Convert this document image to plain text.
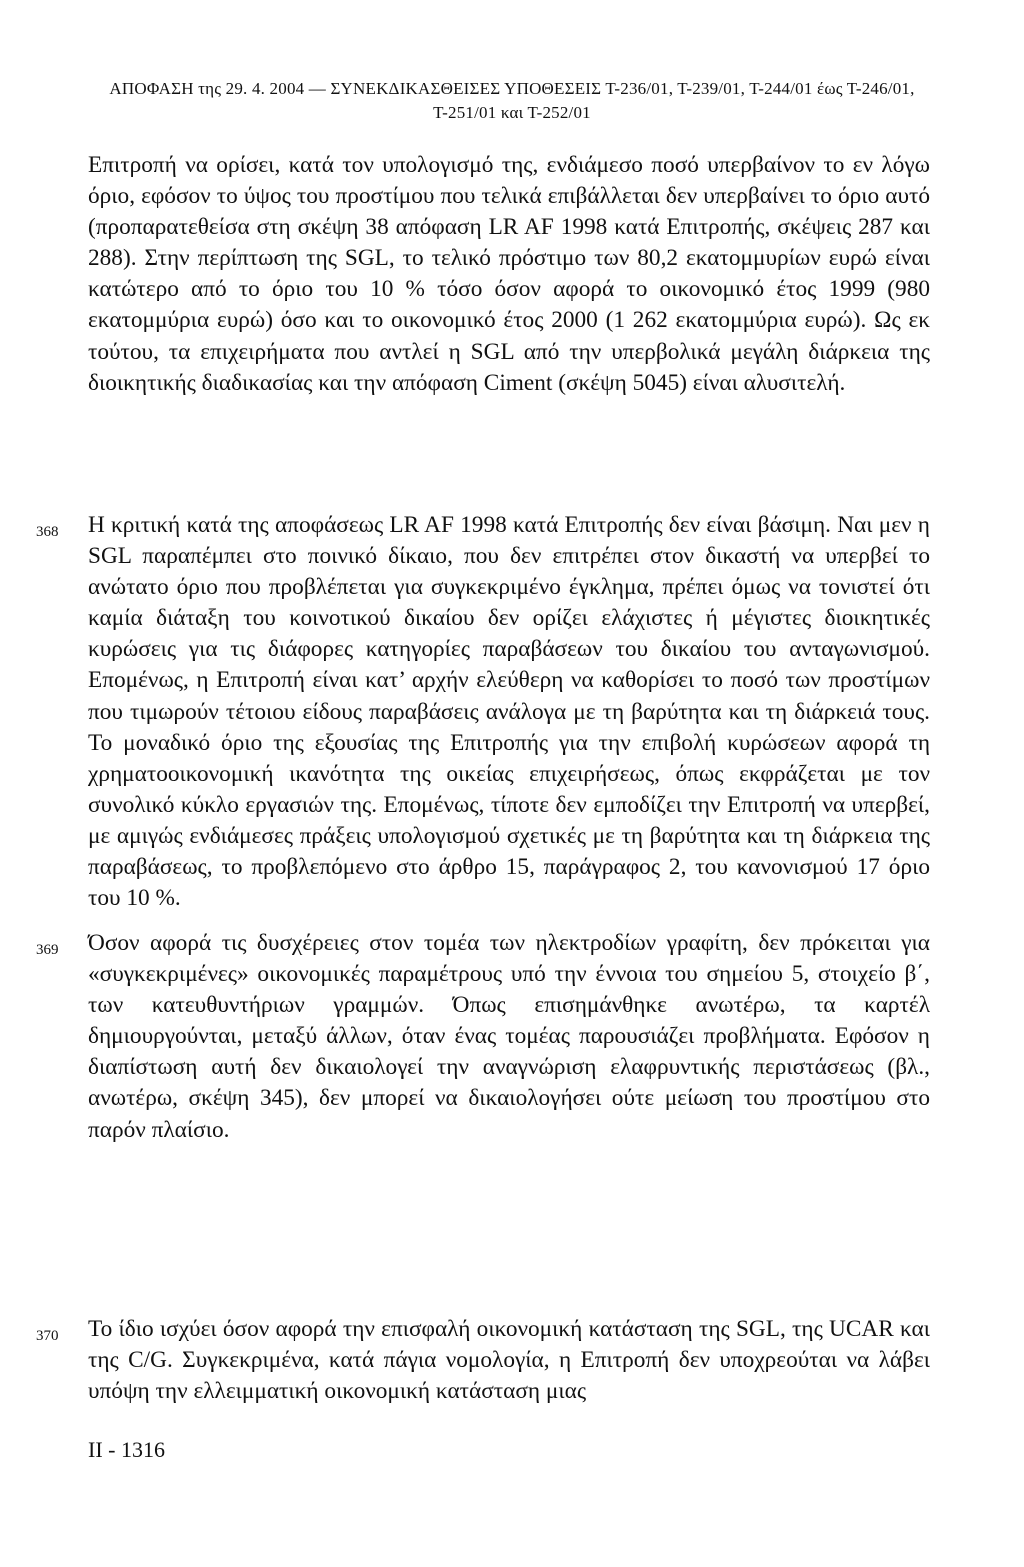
ΑΠΟΦΑΣΗ της 29. 4. 2004 — ΣΥΝΕΚΔΙΚΑΣΘΕΙΣΕΣ ΥΠΟΘΕΣΕΙΣ Τ-236/01, Τ-239/01, Τ-244/01 έως Τ-246/01,
Τ-251/01 και Τ-252/01

Επιτροπή να ορίσει, κατά τον υπολογισμό της, ενδιάμεσο ποσό υπερβαίνον το εν λόγω όριο, εφόσον το ύψος του προστίμου που τελικά επιβάλλεται δεν υπερβαίνει το όριο αυτό (προπαρατεθείσα στη σκέψη 38 απόφαση LR AF 1998 κατά Επιτροπής, σκέψεις 287 και 288). Στην περίπτωση της SGL, το τελικό πρόστιμο των 80,2 εκατομμυρίων ευρώ είναι κατώτερο από το όριο του 10 % τόσο όσον αφορά το οικονομικό έτος 1999 (980 εκατομμύρια ευρώ) όσο και το οικονομικό έτος 2000 (1 262 εκατομμύρια ευρώ). Ως εκ τούτου, τα επιχειρήματα που αντλεί η SGL από την υπερβολικά μεγάλη διάρκεια της διοικητικής διαδικασίας και την απόφαση Ciment (σκέψη 5045) είναι αλυσιτελή.

368 Η κριτική κατά της αποφάσεως LR AF 1998 κατά Επιτροπής δεν είναι βάσιμη. Ναι μεν η SGL παραπέμπει στο ποινικό δίκαιο, που δεν επιτρέπει στον δικαστή να υπερβεί το ανώτατο όριο που προβλέπεται για συγκεκριμένο έγκλημα, πρέπει όμως να τονιστεί ότι καμία διάταξη του κοινοτικού δικαίου δεν ορίζει ελάχιστες ή μέγιστες διοικητικές κυρώσεις για τις διάφορες κατηγορίες παραβάσεων του δικαίου του ανταγωνισμού. Επομένως, η Επιτροπή είναι κατ’ αρχήν ελεύθερη να καθορίσει το ποσό των προστίμων που τιμωρούν τέτοιου είδους παραβάσεις ανάλογα με τη βαρύτητα και τη διάρκειά τους. Το μοναδικό όριο της εξουσίας της Επιτροπής για την επιβολή κυρώσεων αφορά τη χρηματοοικονομική ικανότητα της οικείας επιχειρήσεως, όπως εκφράζεται με τον συνολικό κύκλο εργασιών της. Επομένως, τίποτε δεν εμποδίζει την Επιτροπή να υπερβεί, με αμιγώς ενδιάμεσες πράξεις υπολογισμού σχετικές με τη βαρύτητα και τη διάρκεια της παραβάσεως, το προβλεπόμενο στο άρθρο 15, παράγραφος 2, του κανονισμού 17 όριο του 10 %.

369 Όσον αφορά τις δυσχέρειες στον τομέα των ηλεκτροδίων γραφίτη, δεν πρόκειται για «συγκεκριμένες» οικονομικές παραμέτρους υπό την έννοια του σημείου 5, στοιχείο β΄, των κατευθυντήριων γραμμών. Όπως επισημάνθηκε ανωτέρω, τα καρτέλ δημιουργούνται, μεταξύ άλλων, όταν ένας τομέας παρουσιάζει προβλήματα. Εφόσον η διαπίστωση αυτή δεν δικαιολογεί την αναγνώριση ελαφρυντικής περιστάσεως (βλ., ανωτέρω, σκέψη 345), δεν μπορεί να δικαιολογήσει ούτε μείωση του προστίμου στο παρόν πλαίσιο.

370 Το ίδιο ισχύει όσον αφορά την επισφαλή οικονομική κατάσταση της SGL, της UCAR και της C/G. Συγκεκριμένα, κατά πάγια νομολογία, η Επιτροπή δεν υποχρεούται να λάβει υπόψη την ελλειμματική οικονομική κατάσταση μιας

II - 1316
